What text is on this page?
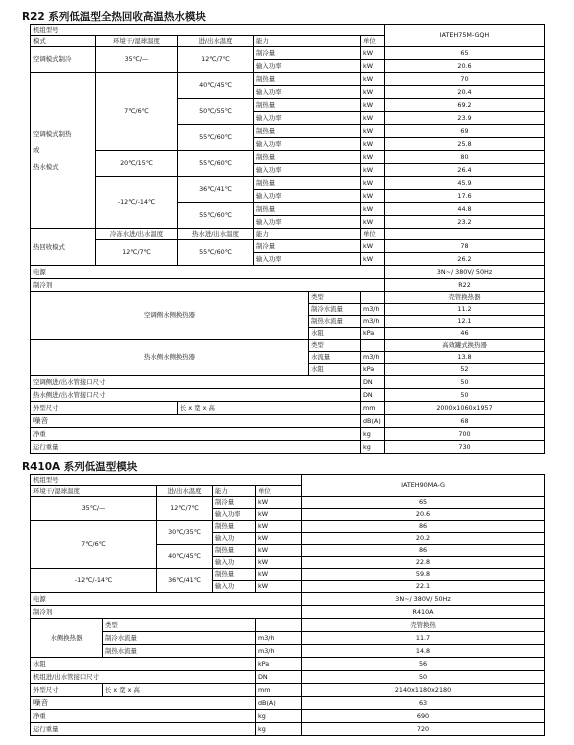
R22 系列低温型全热回收高温热水模块
机组型号						IATEH75M-GQH
模式	环境干/湿球温度	进/出水温度	能力		单位	
空调模式制冷	35℃/—	12℃/7℃	制冷量		kW	65
			输入功率		kW	20.6

空调模式制热
或
热水模式	7℃/6℃	40℃/45℃	制热量		kW	70
			输入功率		kW	20.4
		50℃/55℃	制热量		kW	69.2
			输入功率		kW	23.9
		55℃/60℃	制热量		kW	69
			输入功率		kW	25.8
	20℃/15℃	55℃/60℃	制热量		kW	80
			输入功率		kW	26.4
	-12℃/-14℃	36℃/41℃	制热量		kW	45.9
			输入功率		kW	17.6
		55℃/60℃	制热量		kW	44.8
			输入功率		kW	23.2
热回收模式	冷冻水进/出水温度	热水进/出水温度	能力		单位	
	12℃/7℃	55℃/60℃	制冷量		kW	78
			输入功率		kW	26.2
电源						3N~/ 380V/ 50Hz
制冷剂						R22
空调侧水侧换热器				类型		壳管换热器
				制冷水流量	m3/h	11.2
				制热水流量	m3/h	12.1
				水阻	kPa	46
热水侧水侧换热器				类型		高效罐式换热器
				水流量	m3/h	13.8
				水阻	kPa	52
空调侧进/出水管接口尺寸					DN	50
热水侧进/出水管接口尺寸					DN	50
外型尺寸		长 x 宽 x 高			mm	2000x1060x1957
噪音					dB(A)	68
净重					kg	700
运行重量					kg	730
R410A 系列低温型模块
机组型号					IATEH90MA-G
环境干/湿球温度		进/出水温度	能力	单位	
35℃/—		12℃/7℃	制冷量	kW	65
			输入功率	kW	20.6
7℃/6℃		30℃/35℃	制热量	kW	86
			输入功	kW	20.2
		40℃/45℃	制热量	kW	86
			输入功	kW	22.8
-12℃/-14℃		36℃/41℃	制热量	kW	59.8
			输入功	kW	22.1
电源					3N~/ 380V/ 50Hz
制冷剂					R410A
水侧换热器	类型				壳管换热
	制冷水流量			m3/h	11.7
	制热水流量			m3/h	14.8
水阻				kPa	56
机组进/出水管接口尺寸				DN	50
外型尺寸	长 x 宽 x 高			mm	2140x1180x2180
噪音				dB(A)	63
净重				kg	690
运行重量				kg	720
